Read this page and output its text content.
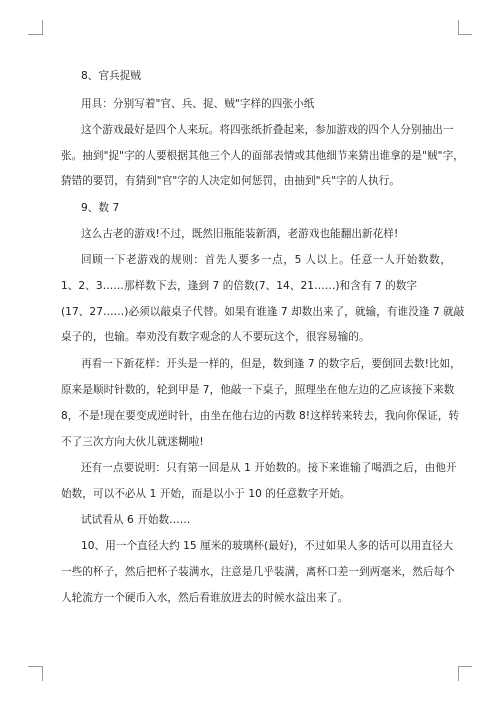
8、官兵捉贼
用具：分别写着"官、兵、捉、贼"字样的四张小纸
这个游戏最好是四个人来玩。将四张纸折叠起来，参加游戏的四个人分别抽出一
张。抽到"捉"字的人要根据其他三个人的面部表情或其他细节来猜出谁拿的是"贼"字，
猜错的要罚，有猜到"官"字的人决定如何惩罚，由抽到"兵"字的人执行。
9、数 7
这么古老的游戏!不过，既然旧瓶能装新酒，老游戏也能翻出新花样!
回顾一下老游戏的规则：首先人要多一点，5 人以上。任意一人开始数数，
1、2、3……那样数下去，逢到 7 的倍数(7、14、21……)和含有 7 的数字
(17、27……)必须以敲桌子代替。如果有谁逢 7 却数出来了，就输，有谁没逢 7 就敲
桌子的，也输。奉劝没有数字观念的人不要玩这个，很容易输的。
再看一下新花样：开头是一样的，但是，数到逢 7 的数字后，要倒回去数!比如，
原来是顺时针数的，轮到甲是 7，他敲一下桌子，照理坐在他左边的乙应该接下来数
8，不是!现在要变成逆时针，由坐在他右边的丙数 8!这样转来转去，我向你保证，转
不了三次方向大伙儿就迷糊啦!
还有一点要说明：只有第一回是从 1 开始数的。接下来谁输了喝酒之后，由他开
始数，可以不必从 1 开始，而是以小于 10 的任意数字开始。
试试看从 6 开始数……
10、用一个直径大约 15 厘米的玻璃杯(最好)，不过如果人多的话可以用直径大
一些的杯子，然后把杯子装满水，注意是几乎装满，离杯口差一到两毫米，然后每个
人轮流方一个硬币入水，然后看谁放进去的时候水益出来了。
